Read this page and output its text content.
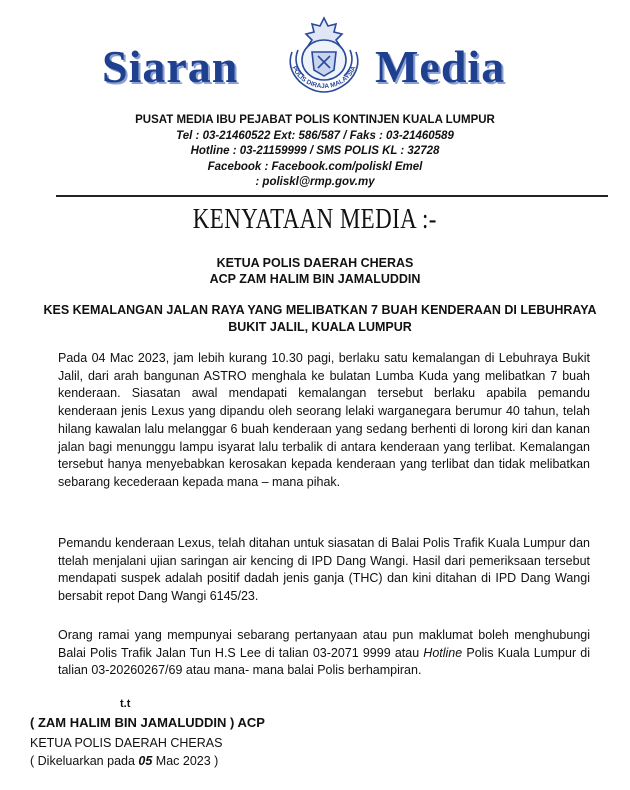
Siaran	POLIS DIRAJA MALAYSIA Media
PUSAT MEDIA IBU PEJABAT POLIS KONTINJEN KUALA LUMPUR
Tel : 03-21460522 Ext: 586/587 / Faks : 03-21460589
Hotline : 03-21159999 / SMS POLIS KL : 32728
Facebook : Facebook.com/poliskl Emel
: poliskl@rmp.gov.my
KENYATAAN MEDIA :-
KETUA POLIS DAERAH CHERAS
ACP ZAM HALIM BIN JAMALUDDIN
KES KEMALANGAN JALAN RAYA YANG MELIBATKAN 7 BUAH KENDERAAN DI LEBUHRAYA
BUKIT JALIL, KUALA LUMPUR

Pada 04 Mac 2023, jam lebih kurang 10.30 pagi, berlaku satu kemalangan di Lebuhraya Bukit Jalil, dari arah bangunan ASTRO menghala ke bulatan Lumba Kuda yang melibatkan 7 buah kenderaan. Siasatan awal mendapati kemalangan tersebut berlaku apabila pemandu kenderaan jenis Lexus yang dipandu oleh seorang lelaki warganegara berumur 40 tahun, telah hilang kawalan lalu melanggar 6 buah kenderaan yang sedang berhenti di lorong kiri dan kanan jalan bagi menunggu lampu isyarat lalu terbalik di antara kenderaan yang terlibat. Kemalangan tersebut hanya menyebabkan kerosakan kepada kenderaan yang terlibat dan tidak melibatkan sebarang kecederaan kepada mana – mana pihak.

Pemandu kenderaan Lexus, telah ditahan untuk siasatan di Balai Polis Trafik Kuala Lumpur dan ttelah menjalani ujian saringan air kencing di IPD Dang Wangi. Hasil dari pemeriksaan tersebut mendapati suspek adalah positif dadah jenis ganja (THC) dan kini ditahan di IPD Dang Wangi bersabit repot Dang Wangi 6145/23.

Orang ramai yang mempunyai sebarang pertanyaan atau pun maklumat boleh menghubungi Balai Polis Trafik Jalan Tun H.S Lee di talian 03-2071 9999 atau Hotline Polis Kuala Lumpur di talian 03-20260267/69 atau mana- mana balai Polis berhampiran.

t.t
( ZAM HALIM BIN JAMALUDDIN ) ACP
KETUA POLIS DAERAH CHERAS
( Dikeluarkan pada 05 Mac 2023 )
